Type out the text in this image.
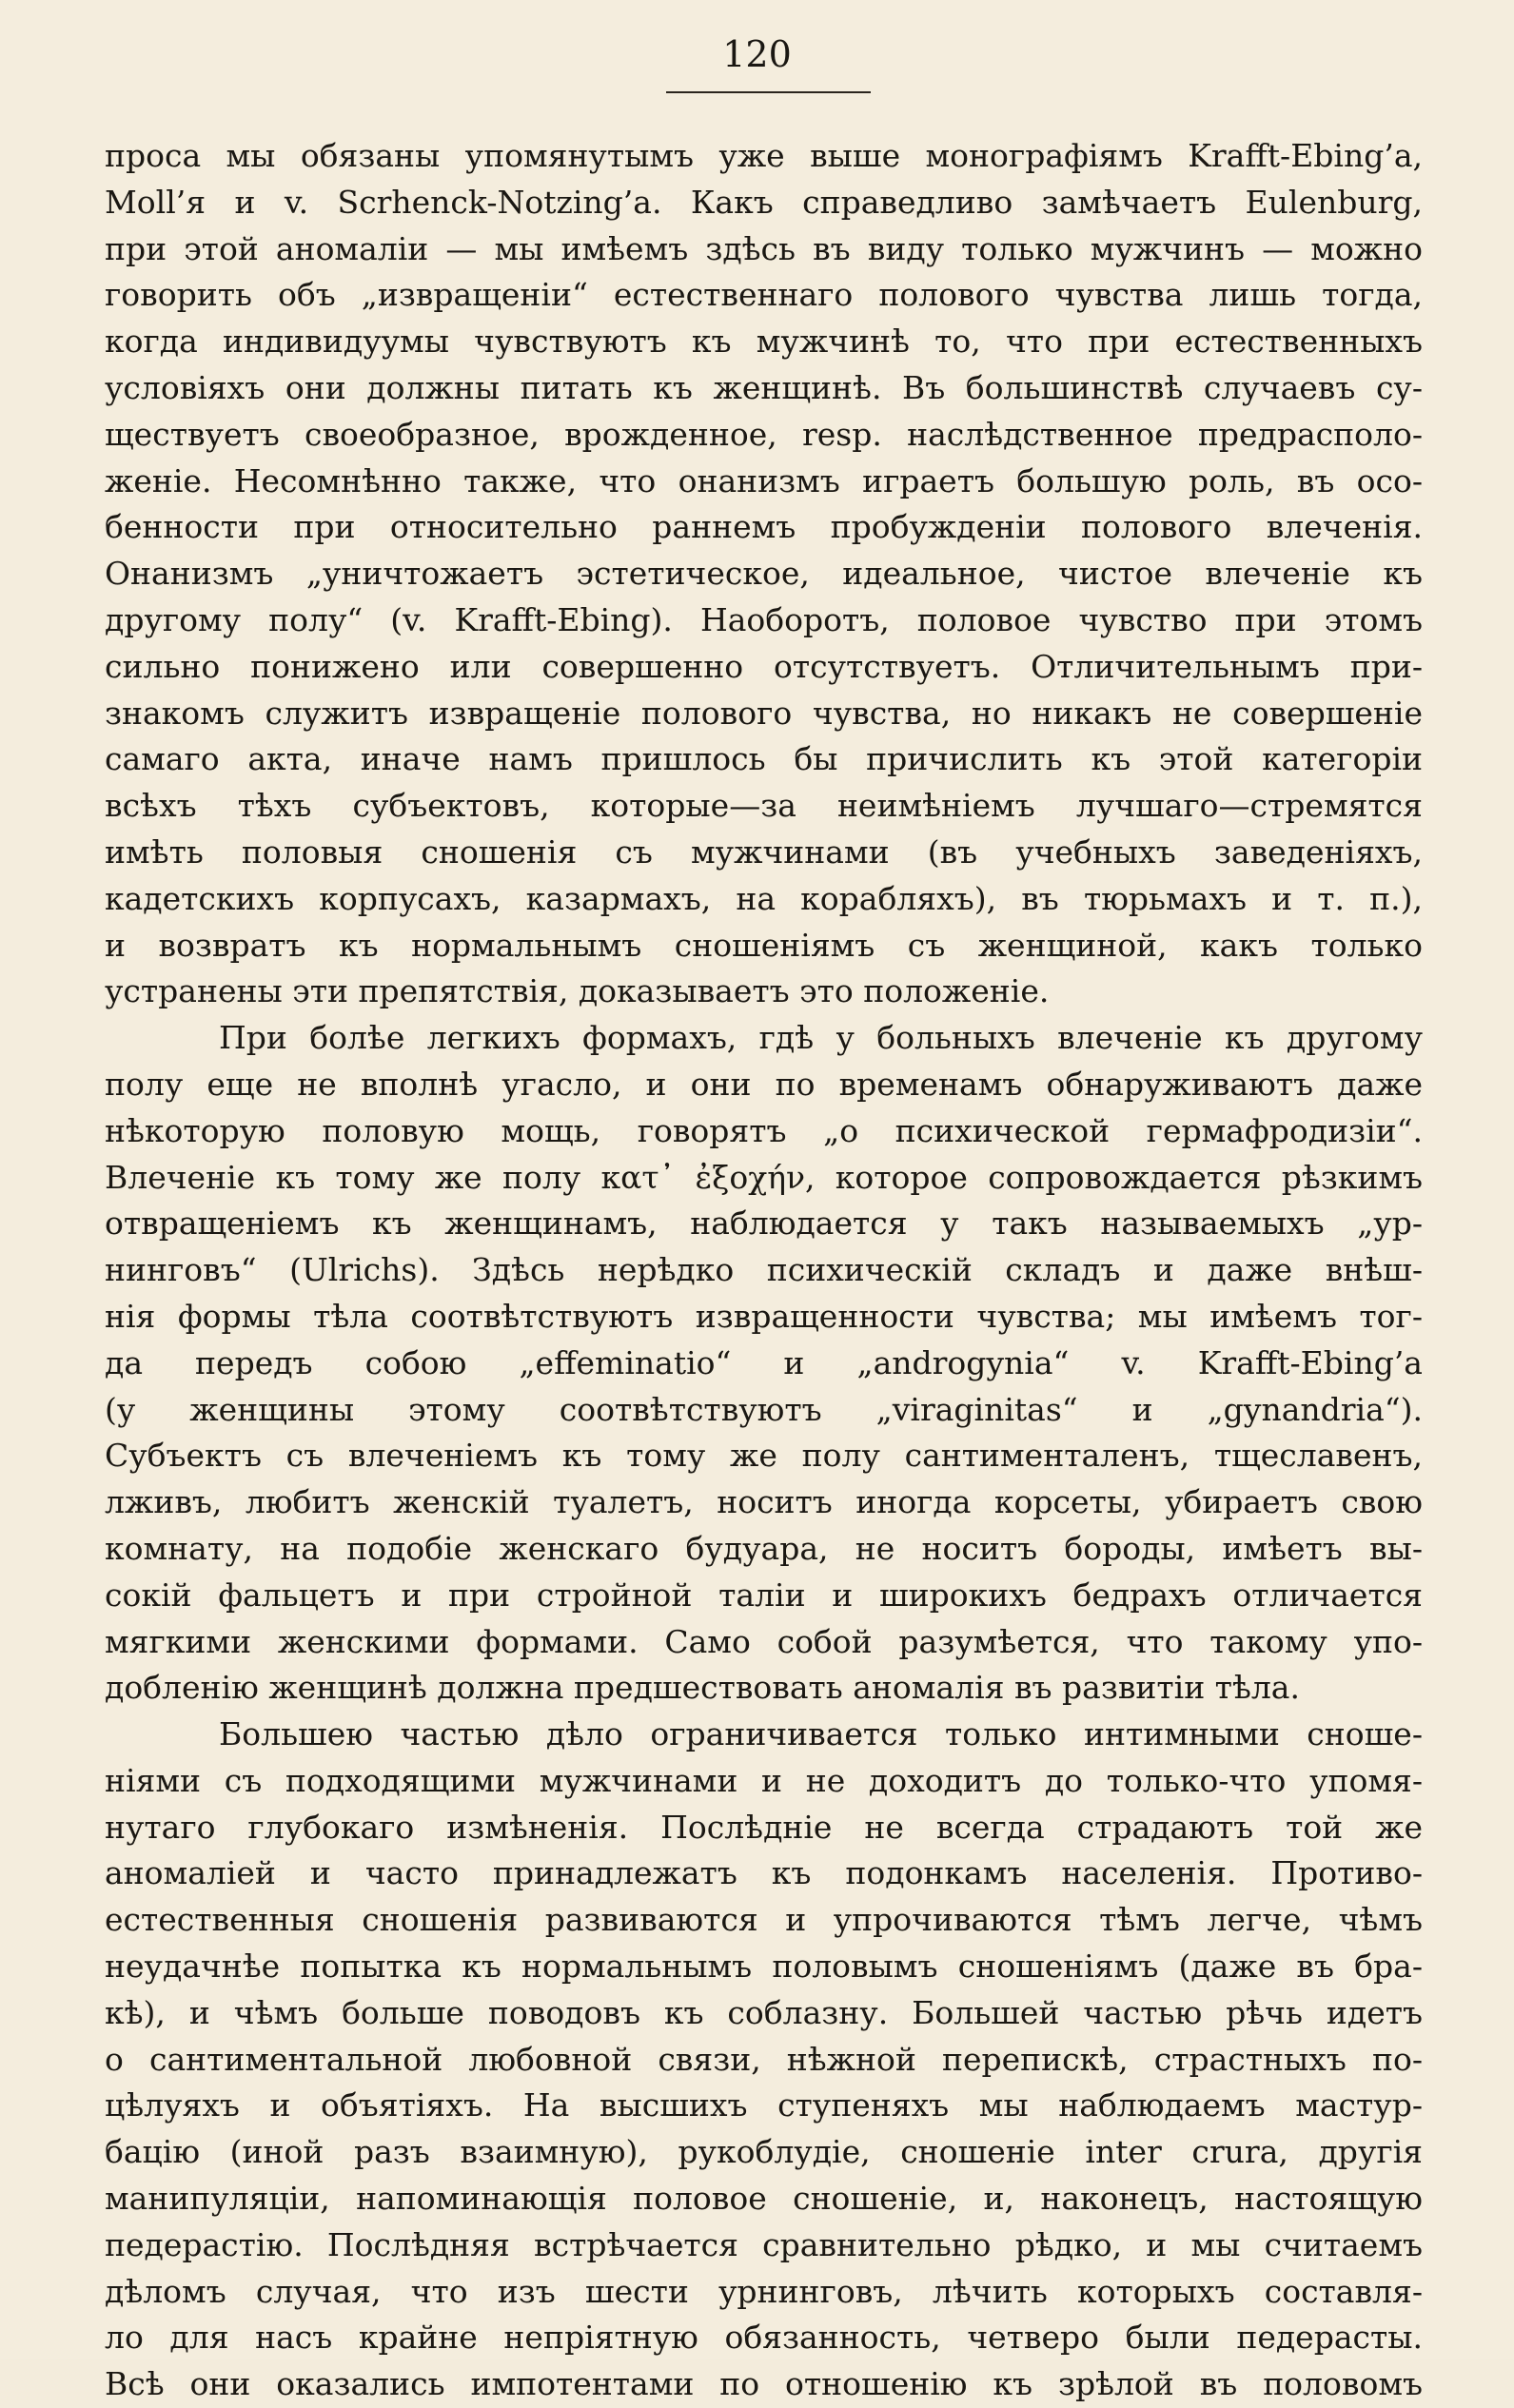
120
проса мы обязаны упомянутымъ уже выше монографіямъ Krafft-Ebing’a,
Moll’я и v. Scrhenck-Notzing’a. Какъ справедливо замѣчаетъ Eulenburg,
при этой аномаліи — мы имѣемъ здѣсь въ виду только мужчинъ — можно
говорить объ „извращеніи“ естественнаго полового чувства лишь тогда,
когда индивидуумы чувствуютъ къ мужчинѣ то, что при естественныхъ
условіяхъ они должны питать къ женщинѣ. Въ большинствѣ случаевъ су-
ществуетъ своеобразное, врожденное, resp. наслѣдственное предрасполо-
женіе. Несомнѣнно также, что онанизмъ играетъ большую роль, въ осо-
бенности при относительно раннемъ пробужденіи полового влеченія.
Онанизмъ „уничтожаетъ эстетическое, идеальное, чистое влеченіе къ
другому полу“ (v. Krafft-Ebing). Наоборотъ, половое чувство при этомъ
сильно понижено или совершенно отсутствуетъ. Отличительнымъ при-
знакомъ служитъ извращеніе полового чувства, но никакъ не совершеніе
самаго акта, иначе намъ пришлось бы причислить къ этой категоріи
всѣхъ тѣхъ субъектовъ, которые—за неимѣніемъ лучшаго—стремятся
имѣть половыя сношенія съ мужчинами (въ учебныхъ заведеніяхъ,
кадетскихъ корпусахъ, казармахъ, на корабляхъ), въ тюрьмахъ и т. п.),
и возвратъ къ нормальнымъ сношеніямъ съ женщиной, какъ только
устранены эти препятствія, доказываетъ это положеніе.
При болѣе легкихъ формахъ, гдѣ у больныхъ влеченіе къ другому
полу еще не вполнѣ угасло, и они по временамъ обнаруживаютъ даже
нѣкоторую половую мощь, говорятъ „о психической гермафродизіи“.
Влеченіе къ тому же полу κατ᾽ ἐξοχήν, которое сопровождается рѣзкимъ
отвращеніемъ къ женщинамъ, наблюдается у такъ называемыхъ „ур-
нинговъ“ (Ulrichs). Здѣсь нерѣдко психическій складъ и даже внѣш-
нія формы тѣла соотвѣтствуютъ извращенности чувства; мы имѣемъ тог-
да передъ собою „effeminatio“ и „androgynia“ v. Krafft-Ebing’a
(у женщины этому соотвѣтствуютъ „viraginitas“ и „gynandria“).
Субъектъ съ влеченіемъ къ тому же полу сантименталенъ, тщеславенъ,
лживъ, любитъ женскій туалетъ, носитъ иногда корсеты, убираетъ свою
комнату, на подобіе женскаго будуара, не носитъ бороды, имѣетъ вы-
сокій фальцетъ и при стройной таліи и широкихъ бедрахъ отличается
мягкими женскими формами. Само собой разумѣется, что такому упо-
добленію женщинѣ должна предшествовать аномалія въ развитіи тѣла.
Большею частью дѣло ограничивается только интимными сноше-
ніями съ подходящими мужчинами и не доходитъ до только-что упомя-
нутаго глубокаго измѣненія. Послѣдніе не всегда страдаютъ той же
аномаліей и часто принадлежатъ къ подонкамъ населенія. Противо-
естественныя сношенія развиваются и упрочиваются тѣмъ легче, чѣмъ
неудачнѣе попытка къ нормальнымъ половымъ сношеніямъ (даже въ бра-
кѣ), и чѣмъ больше поводовъ къ соблазну. Большей частью рѣчь идетъ
о сантиментальной любовной связи, нѣжной перепискѣ, страстныхъ по-
цѣлуяхъ и объятіяхъ. На высшихъ ступеняхъ мы наблюдаемъ мастур-
бацію (иной разъ взаимную), рукоблудіе, сношеніе inter crura, другія
манипуляціи, напоминающія половое сношеніе, и, наконецъ, настоящую
педерастію. Послѣдняя встрѣчается сравнительно рѣдко, и мы считаемъ
дѣломъ случая, что изъ шести урнинговъ, лѣчить которыхъ составля-
ло для насъ крайне непріятную обязанность, четверо были педерасты.
Всѣ они оказались импотентами по отношенію къ зрѣлой въ половомъ
